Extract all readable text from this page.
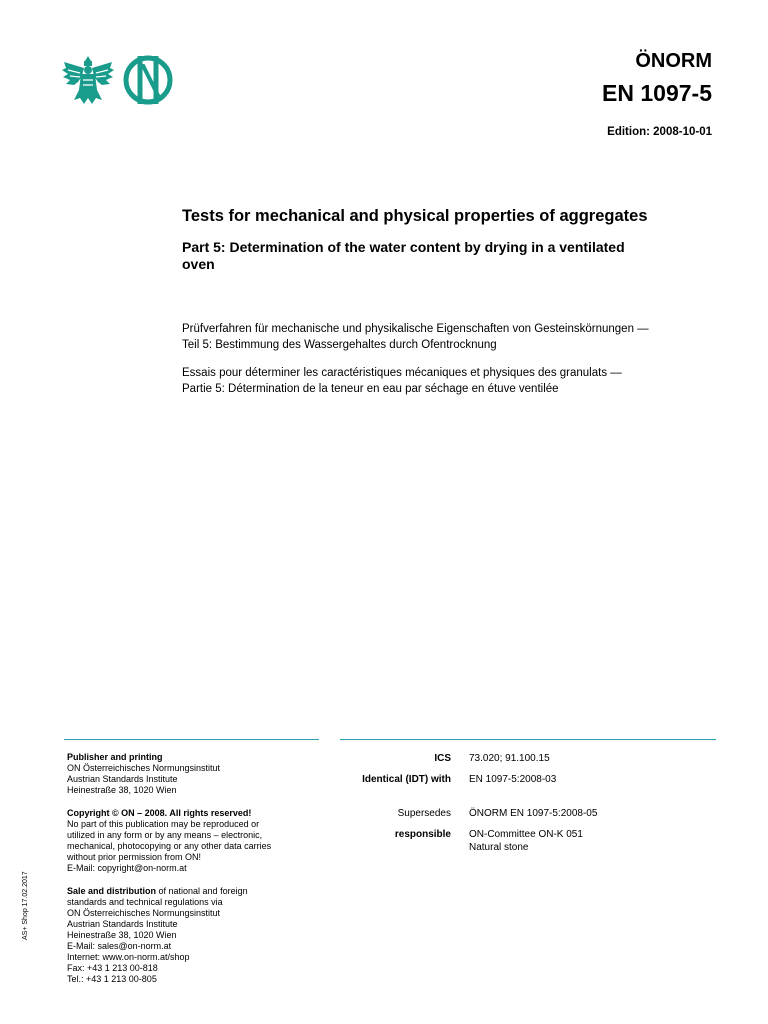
ÖNORM
EN 1097-5
Edition: 2008-10-01
Tests for mechanical and physical properties of aggregates
Part 5: Determination of the water content by drying in a ventilated oven

Prüfverfahren für mechanische und physikalische Eigenschaften von Gesteinskörnungen — Teil 5: Bestimmung des Wassergehaltes durch Ofentrocknung

Essais pour déterminer les caractéristiques mécaniques et physiques des granulats — Partie 5: Détermination de la teneur en eau par séchage en étuve ventilée

Publisher and printing
ON Österreichisches Normungsinstitut
Austrian Standards Institute
Heinestraße 38, 1020 Wien
Copyright © ON – 2008. All rights reserved!
No part of this publication may be reproduced or
utilized in any form or by any means – electronic,
mechanical, photocopying or any other data carries
without prior permission from ON!
E-Mail: copyright@on-norm.at
Sale and distribution of national and foreign
standards and technical regulations via
ON Österreichisches Normungsinstitut
Austrian Standards Institute
Heinestraße 38, 1020 Wien
E-Mail: sales@on-norm.at
Internet: www.on-norm.at/shop
Fax: +43 1 213 00-818
Tel.: +43 1 213 00-805
ICS 73.020; 91.100.15
Identical (IDT) with EN 1097-5:2008-03
Supersedes ÖNORM EN 1097-5:2008-05
responsible ON-Committee ON-K 051
Natural stone
AS+ Shop 17.02.2017
